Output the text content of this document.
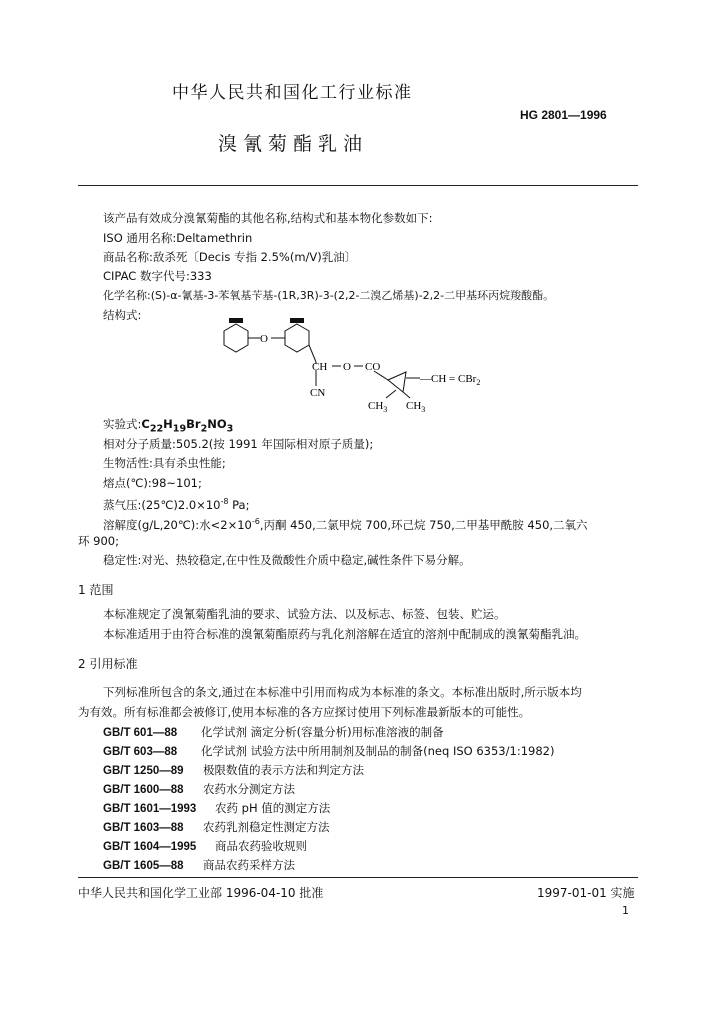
中华人民共和国化工行业标准
HG 2801—1996
溴氰菊酯乳油
该产品有效成分溴氰菊酯的其他名称,结构式和基本物化参数如下:
ISO 通用名称:Deltamethrin
商品名称:敌杀死〔Decis 专指 2.5%(m/V)乳油〕
CIPAC 数字代号:333
化学名称:(S)-α-氰基-3-苯氧基苄基-(1R,3R)-3-(2,2-二溴乙烯基)-2,2-二甲基环丙烷羧酸酯。
结构式:
O
CH O CO
CN
—CH = CBr$_2$
$CH_3$ $CH_3$
实验式$:C_{22}H_{19}Br_2NO_3$
相对分子质量:505.2(按 1991 年国际相对原子质量);
生物活性:具有杀虫性能;
熔点(℃):98~101;
蒸气压$:(25℃)2.0\times 10^{-8}$ Pa;
溶解度(g/L,20℃):水$<2\times 10^{-6}$,丙酮 450,二氯甲烷 700,环己烷 750,二甲基甲酰胺 450,二氧六
环 900;
稳定性:对光、热较稳定,在中性及微酸性介质中稳定,碱性条件下易分解。
1 范围
本标准规定了溴氰菊酯乳油的要求、试验方法、以及标志、标签、包装、贮运。
本标准适用于由符合标准的溴氰菊酯原药与乳化剂溶解在适宜的溶剂中配制成的溴氰菊酯乳油。
2 引用标准
下列标准所包含的条文,通过在本标准中引用而构成为本标准的条文。本标准出版时,所示版本均
为有效。所有标准都会被修订,使用本标准的各方应探讨使用下列标准最新版本的可能性。
GB/T 601—88 化学试剂 滴定分析(容量分析)用标准溶液的制备
GB/T 603—88 化学试剂 试验方法中所用制剂及制品的制备(neq ISO 6353/1:1982)
GB/T 1250—89 极限数值的表示方法和判定方法
GB/T 1600—88 农药水分测定方法
GB/T 1601—1993 农药 pH 值的测定方法
GB/T 1603—88 农药乳剂稳定性测定方法
GB/T 1604—1995 商品农药验收规则
GB/T 1605—88 商品农药采样方法
中华人民共和国化学工业部 1996-04-10 批准	1997-01-01 实施
1
